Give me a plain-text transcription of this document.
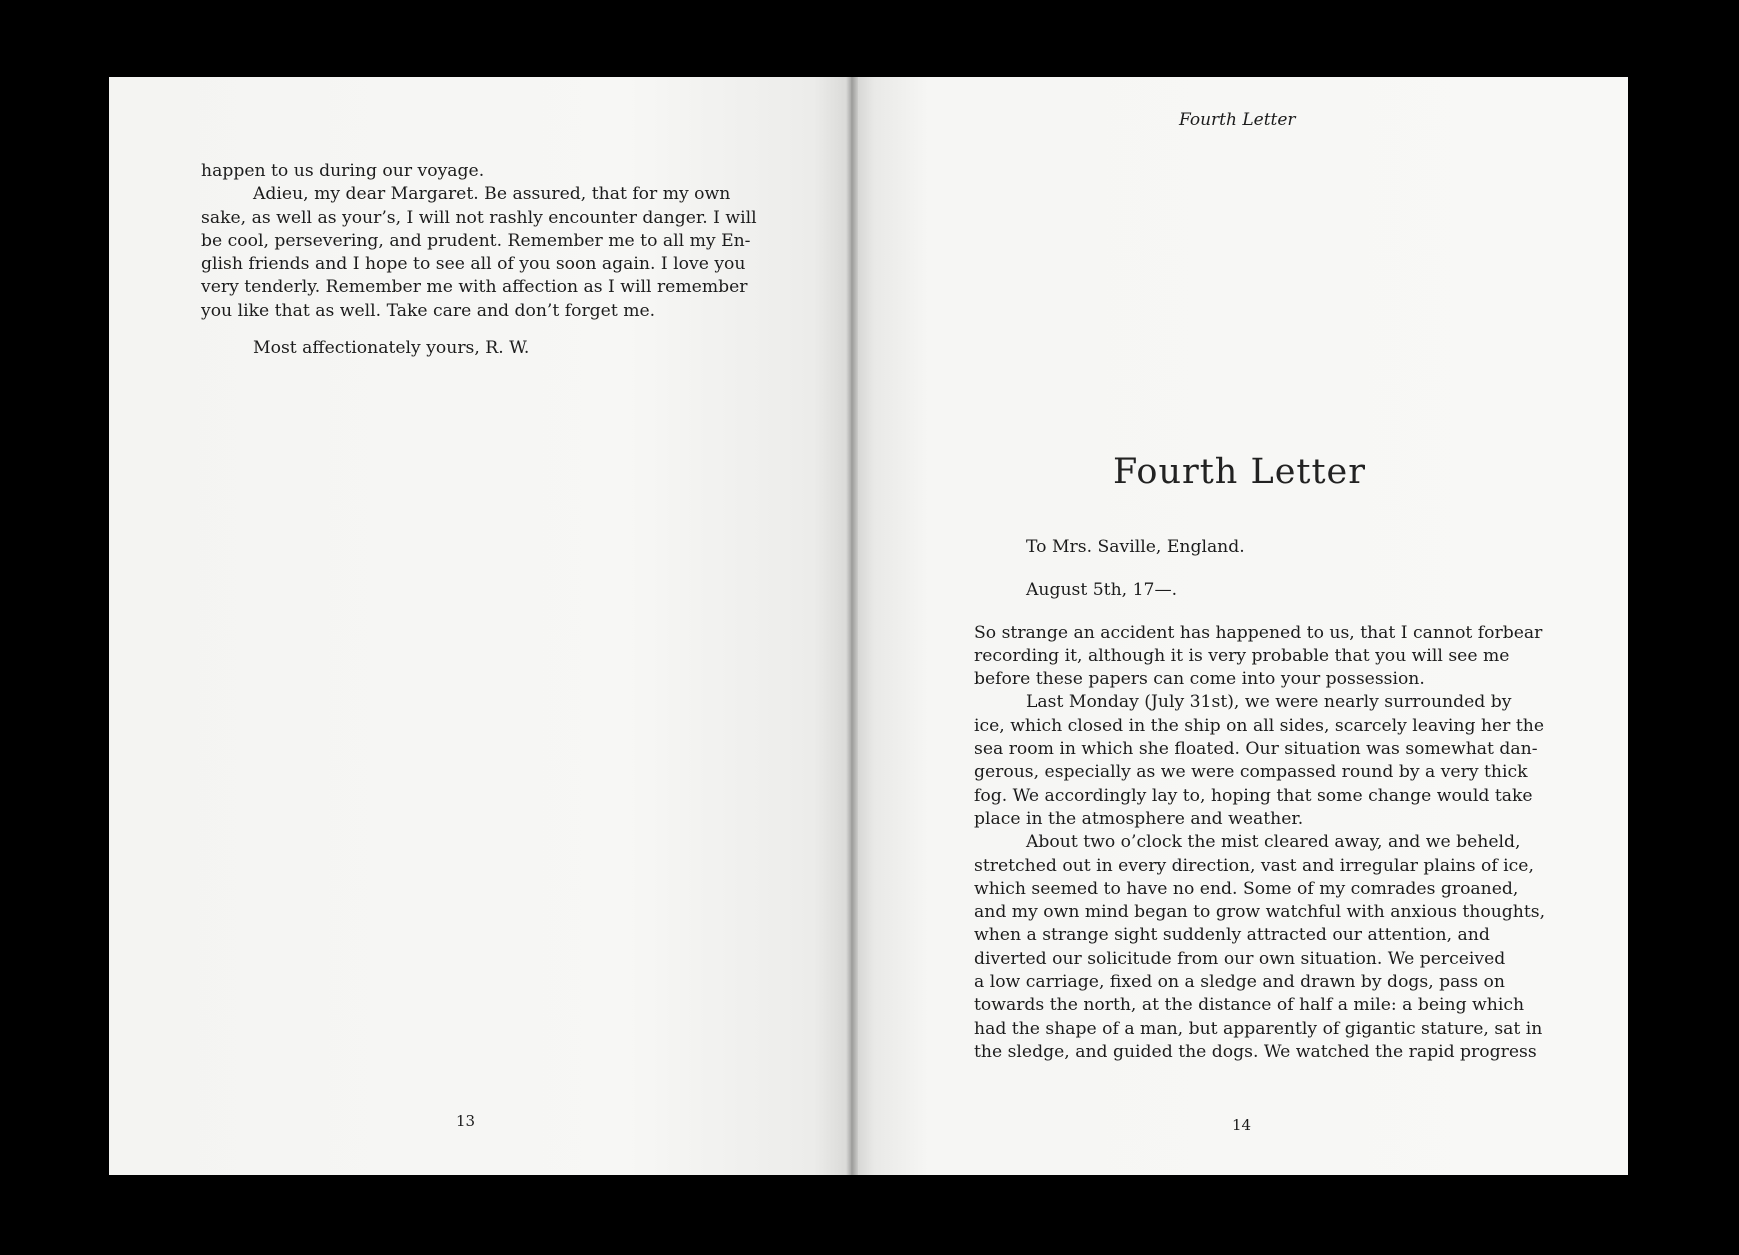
happen to us during our voyage.
Adieu, my dear Margaret. Be assured, that for my own
sake, as well as your’s, I will not rashly encounter danger. I will
be cool, persevering, and prudent. Remember me to all my En-
glish friends and I hope to see all of you soon again. I love you
very tenderly. Remember me with affection as I will remember
you like that as well. Take care and don’t forget me.
Most affectionately yours, R. W.
13
Fourth Letter
Fourth Letter
To Mrs. Saville, England.
August 5th, 17—.
So strange an accident has happened to us, that I cannot forbear
recording it, although it is very probable that you will see me
before these papers can come into your possession.
Last Monday (July 31st), we were nearly surrounded by
ice, which closed in the ship on all sides, scarcely leaving her the
sea room in which she floated. Our situation was somewhat dan-
gerous, especially as we were compassed round by a very thick
fog. We accordingly lay to, hoping that some change would take
place in the atmosphere and weather.
About two o’clock the mist cleared away, and we beheld,
stretched out in every direction, vast and irregular plains of ice,
which seemed to have no end. Some of my comrades groaned,
and my own mind began to grow watchful with anxious thoughts,
when a strange sight suddenly attracted our attention, and
diverted our solicitude from our own situation. We perceived
a low carriage, fixed on a sledge and drawn by dogs, pass on
towards the north, at the distance of half a mile: a being which
had the shape of a man, but apparently of gigantic stature, sat in
the sledge, and guided the dogs. We watched the rapid progress
14
